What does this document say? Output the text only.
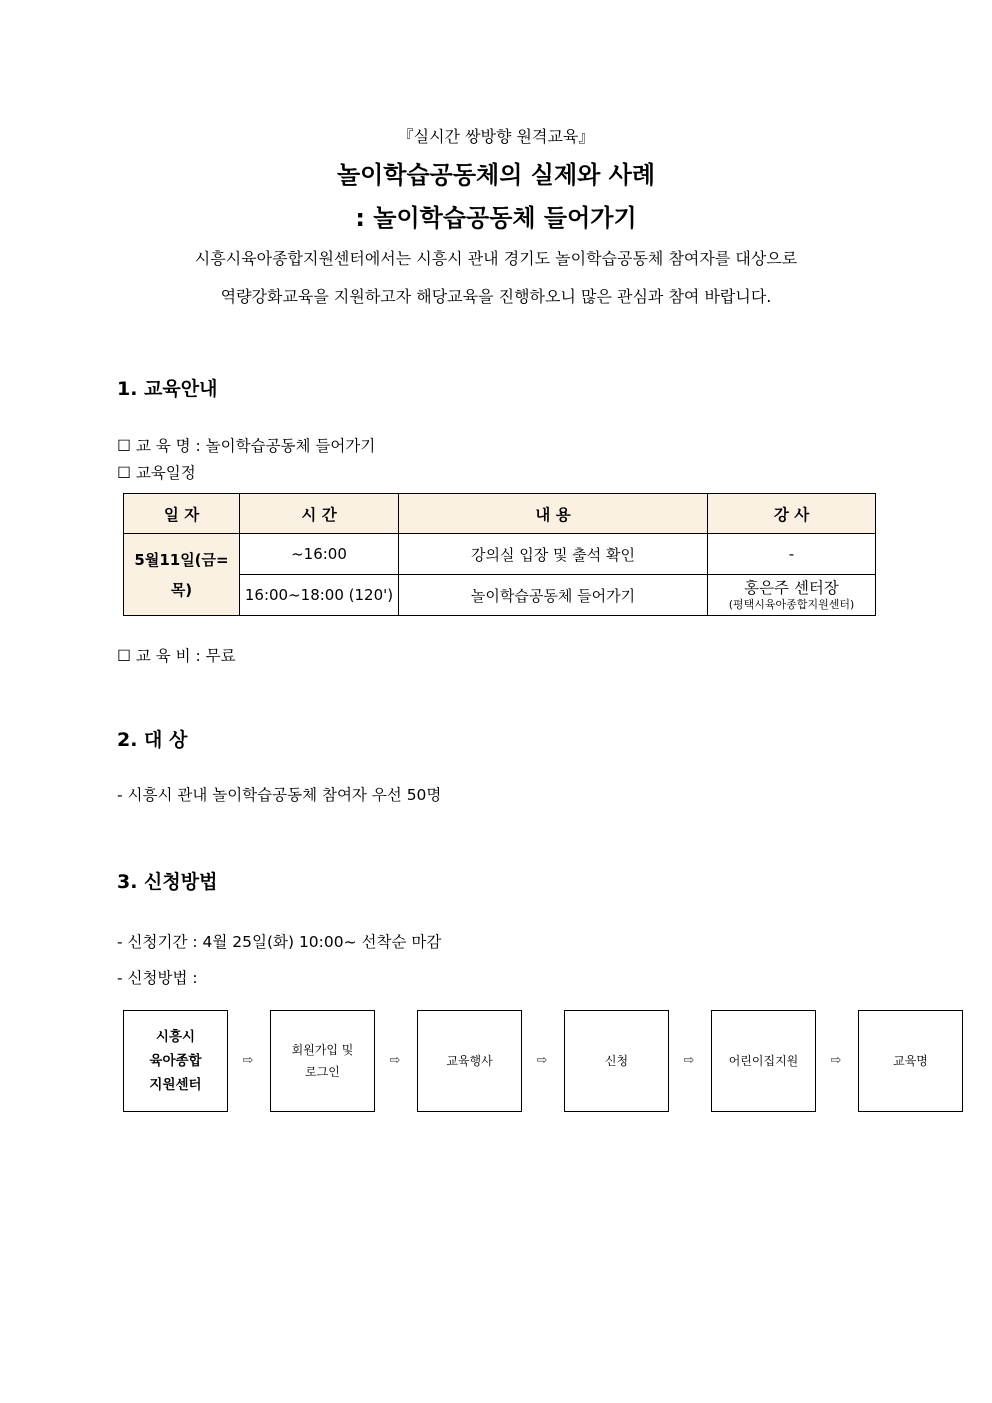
『실시간 쌍방향 원격교육』
놀이학습공동체의 실제와 사례
: 놀이학습공동체 들어가기
시흥시육아종합지원센터에서는 시흥시 관내 경기도 놀이학습공동체 참여자를 대상으로
역량강화교육을 지원하고자 해당교육을 진행하오니 많은 관심과 참여 바랍니다.
1. 교육안내
☐ 교 육 명 : 놀이학습공동체 들어가기
☐ 교육일정
일 자	시 간	내 용	강 사
5월11일(금=목)	~16:00	강의실 입장 및 출석 확인	-
	16:00~18:00 (120')	놀이학습공동체 들어가기	홍은주 센터장
(평택시육아종합지원센터)
☐ 교 육 비 : 무료
2. 대 상
- 시흥시 관내 놀이학습공동체 참여자 우선 50명
3. 신청방법
- 신청기간 : 4월 25일(화) 10:00~ 선착순 마감
- 신청방법 :
시흥시
육아종합
지원센터
⇨
회원가입 및
로그인
⇨	교육행사	⇨	신청	⇨	어린이집지원	⇨	교육명
